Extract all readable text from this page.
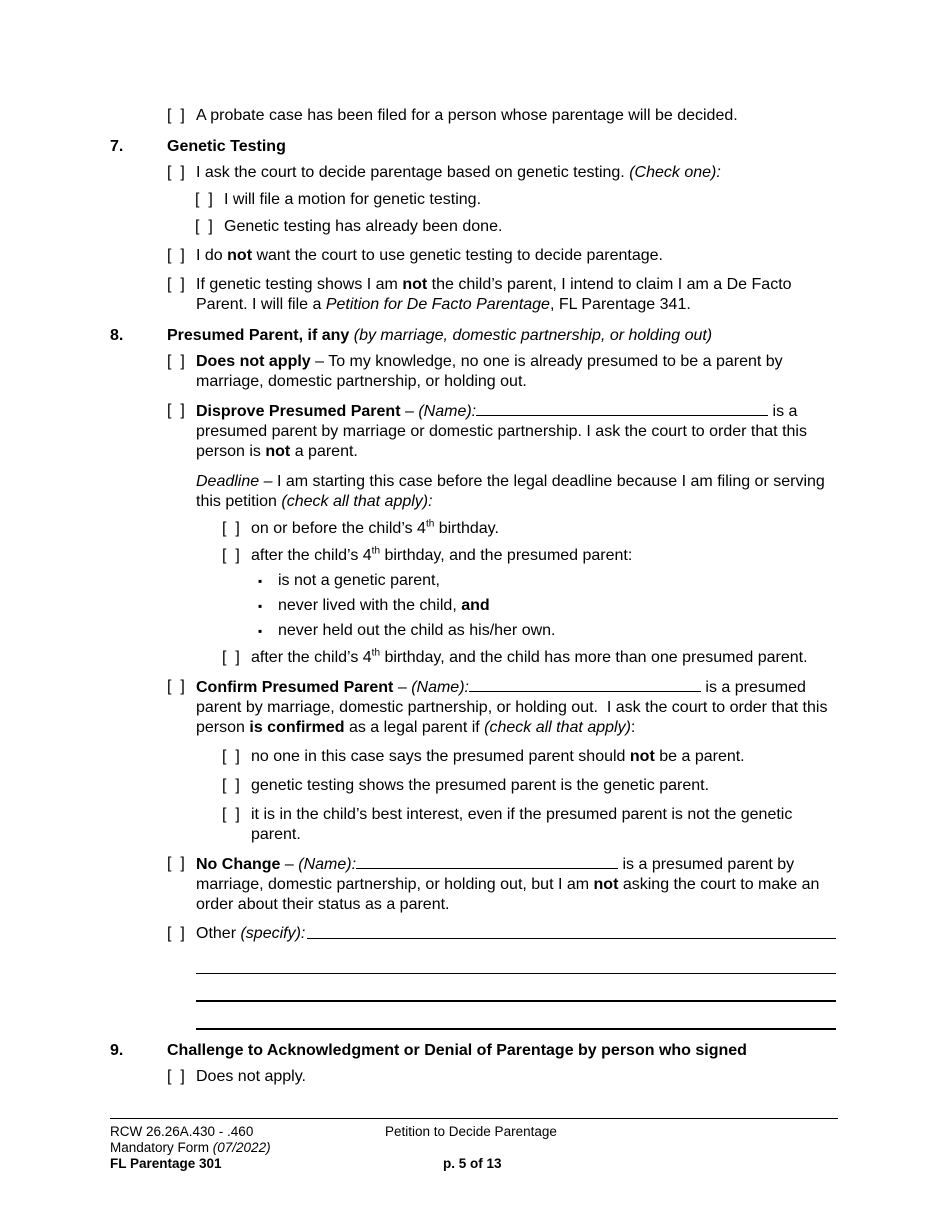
[  ] A probate case has been filed for a person whose parentage will be decided.
7.	Genetic Testing
[  ] I ask the court to decide parentage based on genetic testing. (Check one):
[  ] I will file a motion for genetic testing.
[  ] Genetic testing has already been done.
[  ] I do not want the court to use genetic testing to decide parentage.
[  ] If genetic testing shows I am not the child’s parent, I intend to claim I am a De Facto Parent. I will file a Petition for De Facto Parentage, FL Parentage 341.
8.	Presumed Parent, if any (by marriage, domestic partnership, or holding out)
[  ] Does not apply – To my knowledge, no one is already presumed to be a parent by marriage, domestic partnership, or holding out.
[  ] Disprove Presumed Parent – (Name):	is a presumed parent by marriage or domestic partnership. I ask the court to order that this person is not a parent.
Deadline – I am starting this case before the legal deadline because I am filing or serving this petition (check all that apply):
[  ] on or before the child’s 4th birthday.
[  ] after the child’s 4th birthday, and the presumed parent:
▪ is not a genetic parent,
▪ never lived with the child, and
▪ never held out the child as his/her own.
[  ] after the child’s 4th birthday, and the child has more than one presumed parent.
[  ] Confirm Presumed Parent – (Name):	is a presumed parent by marriage, domestic partnership, or holding out.  I ask the court to order that this person is confirmed as a legal parent if (check all that apply):
[  ] no one in this case says the presumed parent should not be a parent.
[  ] genetic testing shows the presumed parent is the genetic parent.
[  ] it is in the child’s best interest, even if the presumed parent is not the genetic parent.
[  ] No Change – (Name):	is a presumed parent by marriage, domestic partnership, or holding out, but I am not asking the court to make an order about their status as a parent.
[  ] Other (specify):
9.	Challenge to Acknowledgment or Denial of Parentage by person who signed
[  ] Does not apply.
RCW 26.26A.430 - .460	Petition to Decide Parentage
Mandatory Form (07/2022)
FL Parentage 301	p. 5 of 13
